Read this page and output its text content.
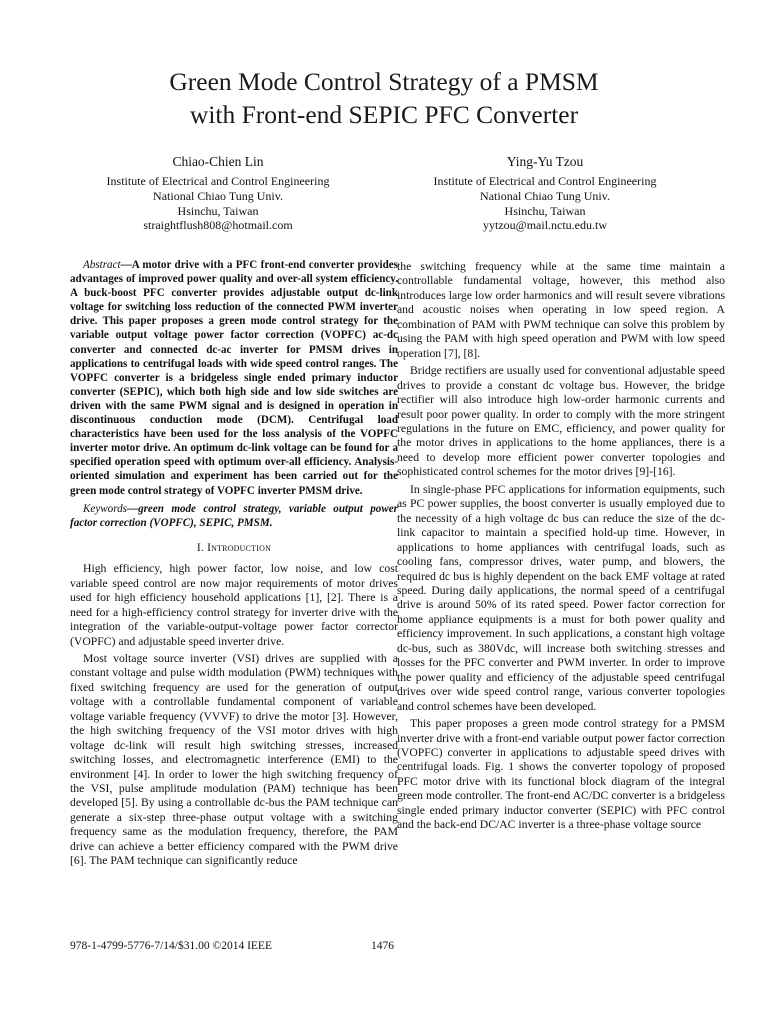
Green Mode Control Strategy of a PMSM
with Front-end SEPIC PFC Converter
Chiao-Chien Lin
Institute of Electrical and Control Engineering
National Chiao Tung Univ.
Hsinchu, Taiwan
straightflush808@hotmail.com
Ying-Yu Tzou
Institute of Electrical and Control Engineering
National Chiao Tung Univ.
Hsinchu, Taiwan
yytzou@mail.nctu.edu.tw

Abstract—A motor drive with a PFC front-end converter provides advantages of improved power quality and over-all system efficiency. A buck-boost PFC converter provides adjustable output dc-link voltage for switching loss reduction of the connected PWM inverter drive. This paper proposes a green mode control strategy for the variable output voltage power factor correction (VOPFC) ac-dc converter and connected dc-ac inverter for PMSM drives in applications to centrifugal loads with wide speed control ranges. The VOPFC converter is a bridgeless single ended primary inductor converter (SEPIC), which both high side and low side switches are driven with the same PWM signal and is designed in operation in discontinuous conduction mode (DCM). Centrifugal load characteristics have been used for the loss analysis of the VOPFC inverter motor drive. An optimum dc-link voltage can be found for a specified operation speed with optimum over-all efficiency. Analysis-oriented simulation and experiment has been carried out for the green mode control strategy of VOPFC inverter PMSM drive.

Keywords—green mode control strategy, variable output power factor correction (VOPFC), SEPIC, PMSM.

I. Introduction

High efficiency, high power factor, low noise, and low cost variable speed control are now major requirements of motor drives used for high efficiency household applications [1], [2]. There is a need for a high-efficiency control strategy for inverter drive with the integration of the variable-output-voltage power factor corrector (VOPFC) and adjustable speed inverter drive.

Most voltage source inverter (VSI) drives are supplied with a constant voltage and pulse width modulation (PWM) techniques with fixed switching frequency are used for the generation of output voltage with a controllable fundamental component of variable voltage variable frequency (VVVF) to drive the motor [3]. However, the high switching frequency of the VSI motor drives with high voltage dc-link will result high switching stresses, increased switching losses, and electromagnetic interference (EMI) to the environment [4]. In order to lower the high switching frequency of the VSI, pulse amplitude modulation (PAM) technique has been developed [5]. By using a controllable dc-bus the PAM technique can generate a six-step three-phase output voltage with a switching frequency same as the modulation frequency, therefore, the PAM drive can achieve a better efficiency compared with the PWM drive [6]. The PAM technique can significantly reduce

the switching frequency while at the same time maintain a controllable fundamental voltage, however, this method also introduces large low order harmonics and will result severe vibrations and acoustic noises when operating in low speed region. A combination of PAM with PWM technique can solve this problem by using the PAM with high speed operation and PWM with low speed operation [7], [8].

Bridge rectifiers are usually used for conventional adjustable speed drives to provide a constant dc voltage bus. However, the bridge rectifier will also introduce high low-order harmonic currents and result poor power quality. In order to comply with the more stringent regulations in the future on EMC, efficiency, and power quality for the motor drives in applications to the home appliances, there is a need to develop more efficient power converter topologies and sophisticated control schemes for the motor drives [9]-[16].

In single-phase PFC applications for information equipments, such as PC power supplies, the boost converter is usually employed due to the necessity of a high voltage dc bus can reduce the size of the dc-link capacitor to maintain a specified hold-up time. However, in applications to home appliances with centrifugal loads, such as cooling fans, compressor drives, water pump, and blowers, the required dc bus is highly dependent on the back EMF voltage at rated speed. During daily applications, the normal speed of a centrifugal drive is around 50% of its rated speed. Power factor correction for home appliance equipments is a must for both power quality and efficiency improvement. In such applications, a constant high voltage dc-bus, such as 380Vdc, will increase both switching stresses and losses for the PFC converter and PWM inverter. In order to improve the power quality and efficiency of the adjustable speed centrifugal drives over wide speed control range, various converter topologies and control schemes have been developed.

This paper proposes a green mode control strategy for a PMSM inverter drive with a front-end variable output power factor correction (VOPFC) converter in applications to adjustable speed drives with centrifugal loads. Fig. 1 shows the converter topology of proposed PFC motor drive with its functional block diagram of the integral green mode controller. The front-end AC/DC converter is a bridgeless single ended primary inductor converter (SEPIC) with PFC control and the back-end DC/AC inverter is a three-phase voltage source

978-1-4799-5776-7/14/$31.00 ©2014 IEEE	1476
